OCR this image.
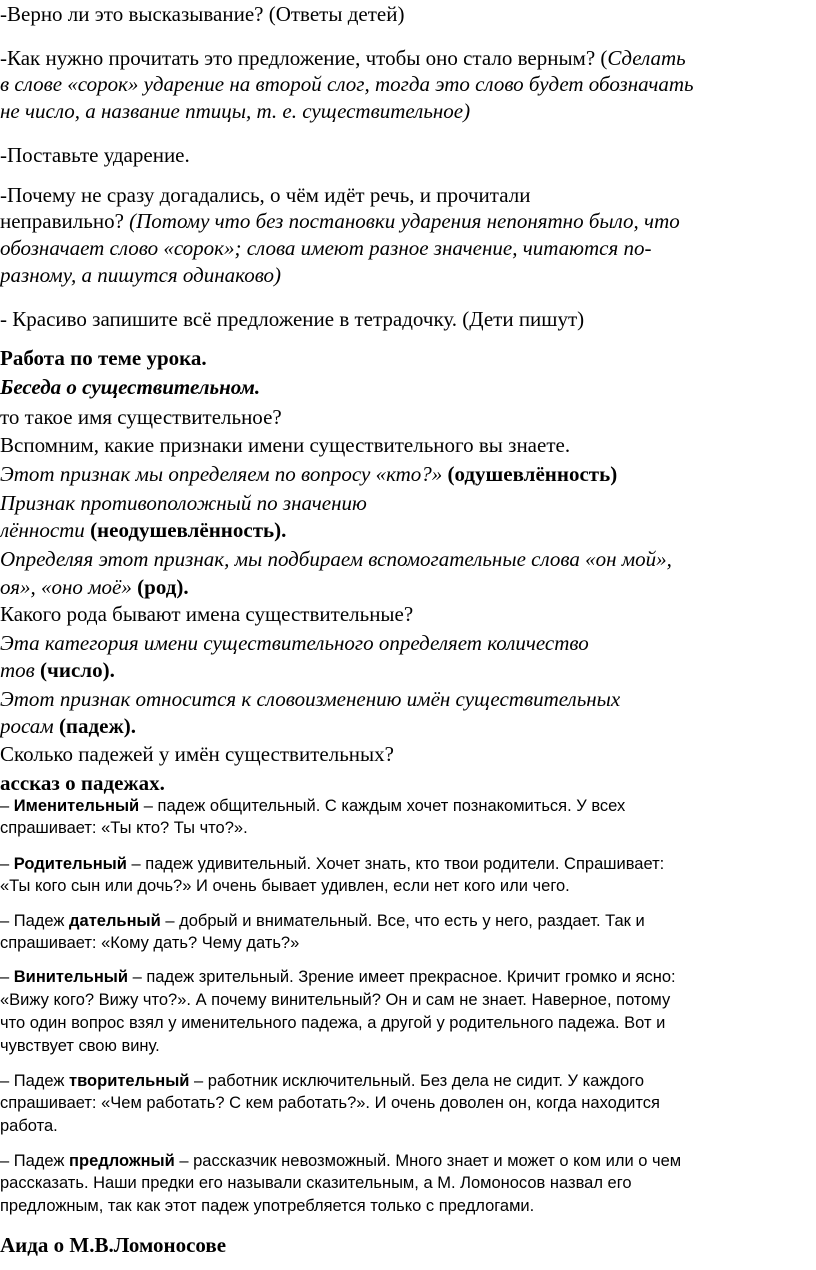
-Верно ли это высказывание? (Ответы детей)
-Как нужно прочитать это предложение, чтобы оно стало верным? (Сделать
в слове «сорок» ударение на второй слог, тогда это слово будет обозначать
не число, а название птицы, т. е. существительное)
-Поставьте ударение.
-Почему не сразу догадались, о чём идёт речь, и прочитали
неправильно? (Потому что без постановки ударения непонятно было, что
обозначает слово «сорок»; слова имеют разное значение, читаются по-
разному, а пишутся одинаково)
- Красиво запишите всё предложение в тетрадочку. (Дети пишут)
Работа по теме урока.
Беседа о существительном.
то такое имя существительное?
Вспомним, какие признаки имени существительного вы знаете.
Этот признак мы определяем по вопросу «кто?» (одушевлённость)
Признак противоположный по значению
лённости (неодушевлённость).
Определяя этот признак, мы подбираем вспомогательные слова «он мой»,
оя», «оно моё» (род).
Какого рода бывают имена существительные?
Эта категория имени существительного определяет количество
тов (число).
Этот признак относится к словоизменению имён существительных
росам (падеж).
Сколько падежей у имён существительных?
ассказ о падежах.
– Именительный – падеж общительный. С каждым хочет познакомиться. У всех
спрашивает: «Ты кто? Ты что?».
– Родительный – падеж удивительный. Хочет знать, кто твои родители. Спрашивает:
«Ты кого сын или дочь?» И очень бывает удивлен, если нет кого или чего.
– Падеж дательный – добрый и внимательный. Все, что есть у него, раздает. Так и
спрашивает: «Кому дать? Чему дать?»
– Винительный – падеж зрительный. Зрение имеет прекрасное. Кричит громко и ясно:
«Вижу кого? Вижу что?». А почему винительный? Он и сам не знает. Наверное, потому
что один вопрос взял у именительного падежа, а другой у родительного падежа. Вот и
чувствует свою вину.
– Падеж творительный – работник исключительный. Без дела не сидит. У каждого
спрашивает: «Чем работать? С кем работать?». И очень доволен он, когда находится
работа.
– Падеж предложный – рассказчик невозможный. Много знает и может о ком или о чем
рассказать. Наши предки его называли сказительным, а М. Ломоносов назвал его
предложным, так как этот падеж употребляется только с предлогами.
Аида о М.В.Ломоносове
